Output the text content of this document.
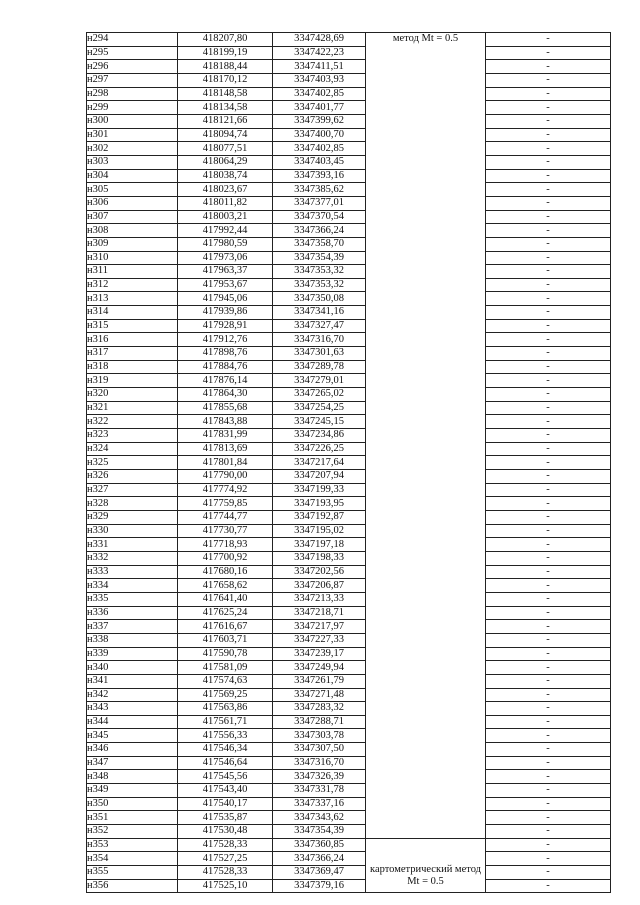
н294	418207,80	3347428,69	метод Mt = 0.5	-
н295	418199,19	3347422,23		-
н296	418188,44	3347411,51		-
н297	418170,12	3347403,93		-
н298	418148,58	3347402,85		-
н299	418134,58	3347401,77		-
н300	418121,66	3347399,62		-
н301	418094,74	3347400,70		-
н302	418077,51	3347402,85		-
н303	418064,29	3347403,45		-
н304	418038,74	3347393,16		-
н305	418023,67	3347385,62		-
н306	418011,82	3347377,01		-
н307	418003,21	3347370,54		-
н308	417992,44	3347366,24		-
н309	417980,59	3347358,70		-
н310	417973,06	3347354,39		-
н311	417963,37	3347353,32		-
н312	417953,67	3347353,32		-
н313	417945,06	3347350,08		-
н314	417939,86	3347341,16		-
н315	417928,91	3347327,47		-
н316	417912,76	3347316,70		-
н317	417898,76	3347301,63		-
н318	417884,76	3347289,78		-
н319	417876,14	3347279,01		-
н320	417864,30	3347265,02		-
н321	417855,68	3347254,25		-
н322	417843,88	3347245,15		-
н323	417831,99	3347234,86		-
н324	417813,69	3347226,25		-
н325	417801,84	3347217,64		-
н326	417790,00	3347207,94		-
н327	417774,92	3347199,33		-
н328	417759,85	3347193,95		-
н329	417744,77	3347192,87		-
н330	417730,77	3347195,02		-
н331	417718,93	3347197,18		-
н332	417700,92	3347198,33		-
н333	417680,16	3347202,56		-
н334	417658,62	3347206,87		-
н335	417641,40	3347213,33		-
н336	417625,24	3347218,71		-
н337	417616,67	3347217,97		-
н338	417603,71	3347227,33		-
н339	417590,78	3347239,17		-
н340	417581,09	3347249,94		-
н341	417574,63	3347261,79		-
н342	417569,25	3347271,48		-
н343	417563,86	3347283,32		-
н344	417561,71	3347288,71		-
н345	417556,33	3347303,78		-
н346	417546,34	3347307,50		-
н347	417546,64	3347316,70		-
н348	417545,56	3347326,39		-
н349	417543,40	3347331,78		-
н350	417540,17	3347337,16		-
н351	417535,87	3347343,62		-
н352	417530,48	3347354,39		-
н353	417528,33	3347360,85	картометрический метод Mt = 0.5	-
н354	417527,25	3347366,24		-
н355	417528,33	3347369,47		-
н356	417525,10	3347379,16		-
